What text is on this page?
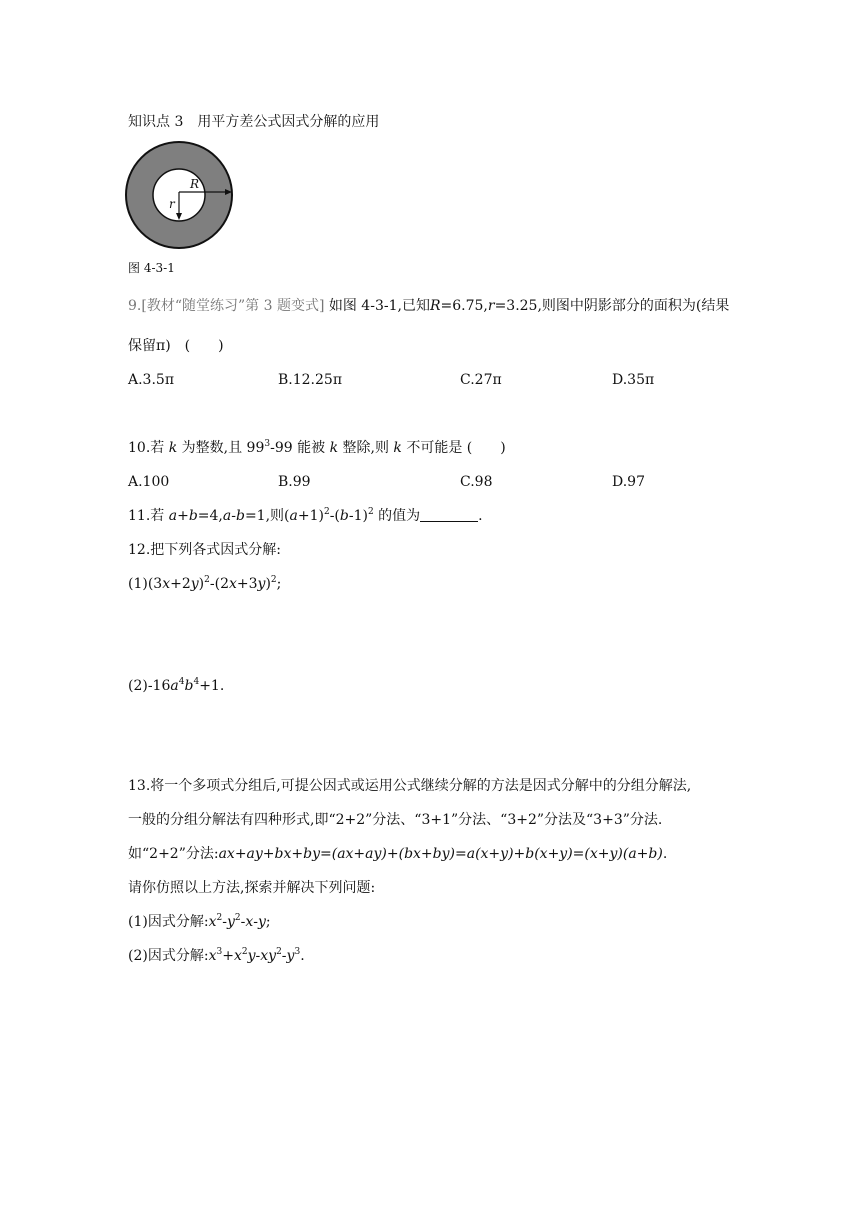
知识点 3　用平方差公式因式分解的应用
R
r
图 4-3-1
9.[教材“随堂练习”第 3 题变式] 如图 4-3-1,已知R=6.75,r=3.25,则图中阴影部分的面积为(结果
保留π)　(　　)
A.3.5π	B.12.25π	C.27π	D.35π
10.若 k 为整数,且 $99^3-99$ 能被 k 整除,则 k 不可能是 (　　)
A.100	B.99	C.98	D.97
11.若 a+b=4,a-b=1,则$(a+1)^2-(b-1)^2$ 的值为	.
12.把下列各式因式分解:
$(1)(3x+2y)^2-(2x+3y)^2$;
$(2)-16a^4b^4+1$.
13.将一个多项式分组后,可提公因式或运用公式继续分解的方法是因式分解中的分组分解法,
一般的分组分解法有四种形式,即“2+2”分法、“3+1”分法、“3+2”分法及“3+3”分法.
如“2+2”分法:ax+ay+bx+by=(ax+ay)+(bx+by)=a(x+y)+b(x+y)=(x+y)(a+b).
请你仿照以上方法,探索并解决下列问题:
(1)因式分解$:x^2-y^2-x-y$;
(2)因式分解$:x^3+x^2y-xy^2-y^3$.
